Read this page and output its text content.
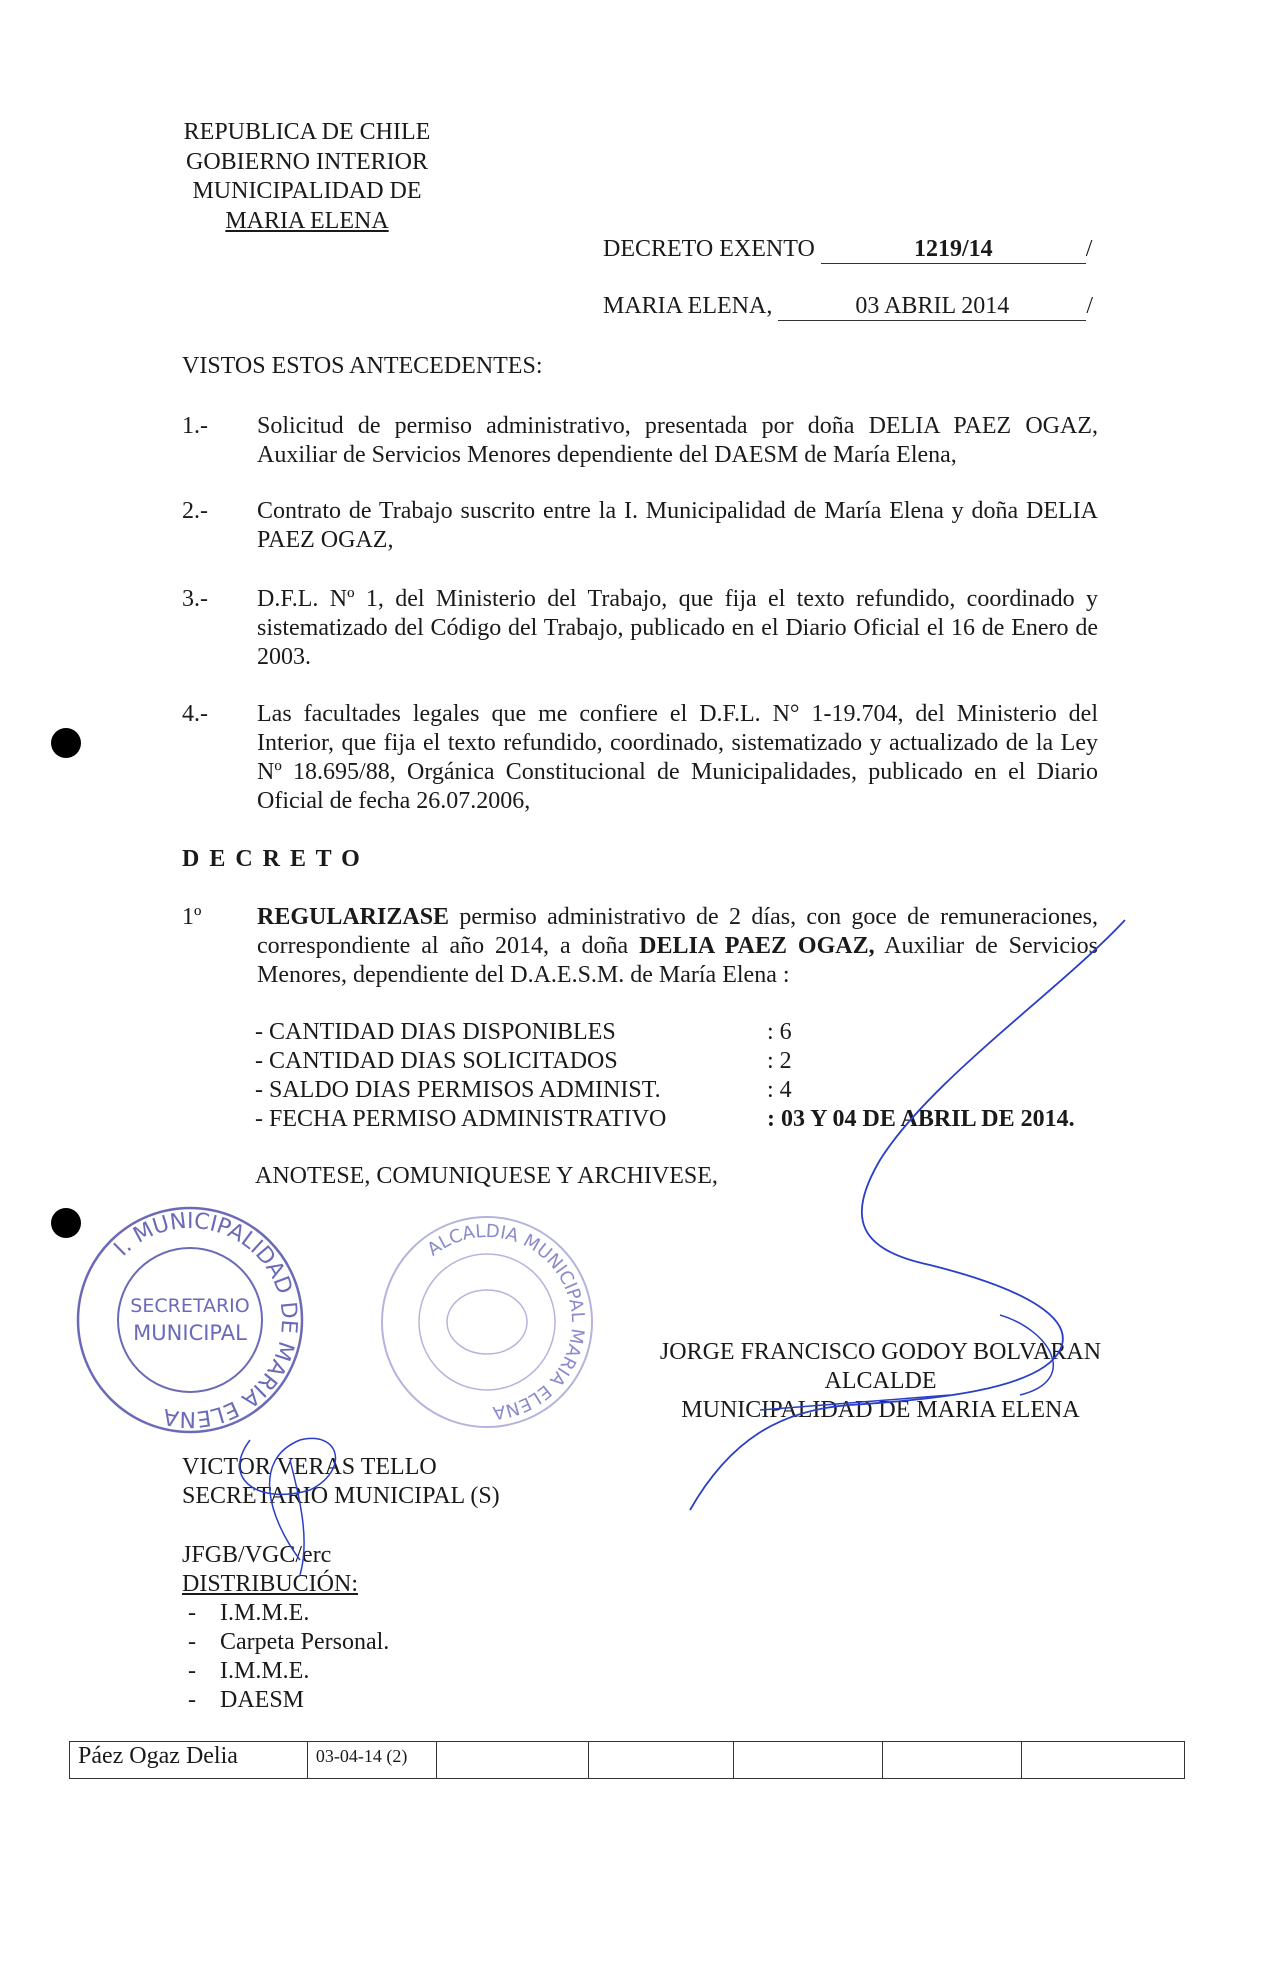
REPUBLICA DE CHILE
GOBIERNO INTERIOR
MUNICIPALIDAD DE
MARIA ELENA
DECRETO EXENTO	1219/14	/
MARIA ELENA,	03 ABRIL 2014	/
VISTOS ESTOS ANTECEDENTES:
1.- Solicitud de permiso administrativo, presentada por doña DELIA PAEZ OGAZ, Auxiliar de Servicios Menores dependiente del DAESM de María Elena,
2.- Contrato de Trabajo suscrito entre la I. Municipalidad de María Elena y doña DELIA PAEZ OGAZ,
3.- D.F.L. Nº 1, del Ministerio del Trabajo, que fija el texto refundido, coordinado y sistematizado del Código del Trabajo, publicado en el Diario Oficial el 16 de Enero de 2003.
4.- Las facultades legales que me confiere el D.F.L. N° 1-19.704, del Ministerio del Interior, que fija el texto refundido, coordinado, sistematizado y actualizado de la Ley Nº 18.695/88, Orgánica Constitucional de Municipalidades, publicado en el Diario Oficial de fecha 26.07.2006,
D E C R E T O
1º REGULARIZASE permiso administrativo de 2 días, con goce de remuneraciones, correspondiente al año 2014, a doña DELIA PAEZ OGAZ, Auxiliar de Servicios Menores, dependiente del D.A.E.S.M. de María Elena :
- CANTIDAD DIAS DISPONIBLES	: 6
- CANTIDAD DIAS SOLICITADOS	: 2
- SALDO DIAS PERMISOS ADMINIST.	: 4
- FECHA PERMISO ADMINISTRATIVO	: 03 Y 04 DE ABRIL DE 2014.
ANOTESE, COMUNIQUESE Y ARCHIVESE,
I. MUNICIPALIDAD DE MARIA ELENA
SECRETARIO
MUNICIPAL
ALCALDIA MUNICIPAL MARIA ELENA
JORGE FRANCISCO GODOY BOLVARAN
ALCALDE
MUNICIPALIDAD DE MARIA ELENA
VICTOR VERAS TELLO
SECRETARIO MUNICIPAL (S)
JFGB/VGC/erc
DISTRIBUCIÓN:
-    I.M.M.E.
-    Carpeta Personal.
-    I.M.M.E.
-    DAESM
Páez Ogaz Delia	03-04-14 (2)					
